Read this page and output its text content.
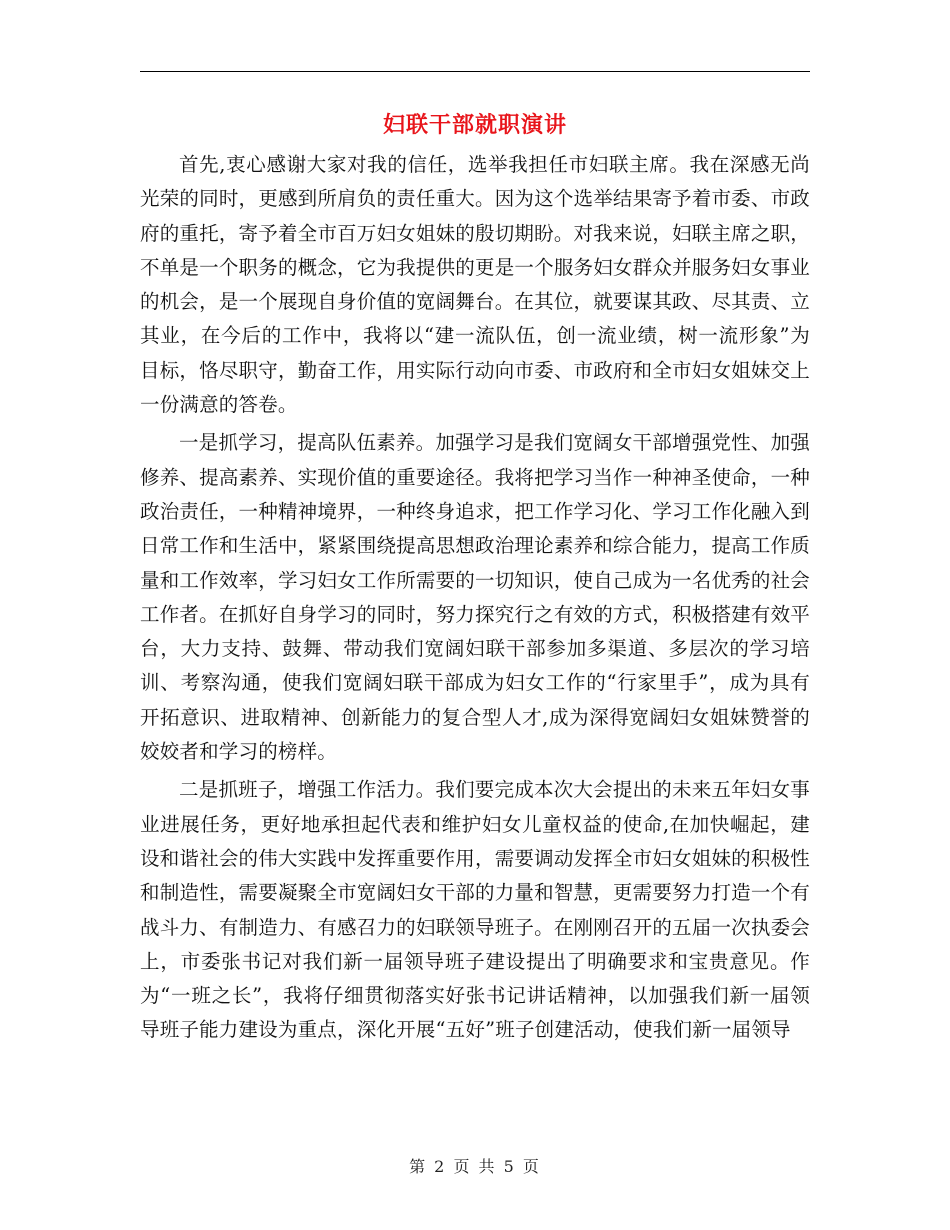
妇联干部就职演讲

首先,衷心感谢大家对我的信任，选举我担任市妇联主席。我在深感无尚光荣的同时，更感到所肩负的责任重大。因为这个选举结果寄予着市委、市政府的重托，寄予着全市百万妇女姐妹的殷切期盼。对我来说，妇联主席之职，不单是一个职务的概念，它为我提供的更是一个服务妇女群众并服务妇女事业的机会，是一个展现自身价值的宽阔舞台。在其位，就要谋其政、尽其责、立其业，在今后的工作中，我将以“建一流队伍，创一流业绩，树一流形象”为目标，恪尽职守，勤奋工作，用实际行动向市委、市政府和全市妇女姐妹交上一份满意的答卷。

一是抓学习，提高队伍素养。加强学习是我们宽阔女干部增强党性、加强修养、提高素养、实现价值的重要途径。我将把学习当作一种神圣使命，一种政治责任，一种精神境界，一种终身追求，把工作学习化、学习工作化融入到日常工作和生活中，紧紧围绕提高思想政治理论素养和综合能力，提高工作质量和工作效率，学习妇女工作所需要的一切知识，使自己成为一名优秀的社会工作者。在抓好自身学习的同时，努力探究行之有效的方式，积极搭建有效平台，大力支持、鼓舞、带动我们宽阔妇联干部参加多渠道、多层次的学习培训、考察沟通，使我们宽阔妇联干部成为妇女工作的“行家里手”，成为具有开拓意识、进取精神、创新能力的复合型人才,成为深得宽阔妇女姐妹赞誉的姣姣者和学习的榜样。

二是抓班子，增强工作活力。我们要完成本次大会提出的未来五年妇女事业进展任务，更好地承担起代表和维护妇女儿童权益的使命,在加快崛起，建设和谐社会的伟大实践中发挥重要作用，需要调动发挥全市妇女姐妹的积极性和制造性，需要凝聚全市宽阔妇女干部的力量和智慧，更需要努力打造一个有战斗力、有制造力、有感召力的妇联领导班子。在刚刚召开的五届一次执委会上，市委张书记对我们新一届领导班子建设提出了明确要求和宝贵意见。作为“一班之长”，我将仔细贯彻落实好张书记讲话精神，以加强我们新一届领导班子能力建设为重点，深化开展“五好”班子创建活动，使我们新一届领导

第 2 页 共 5 页
